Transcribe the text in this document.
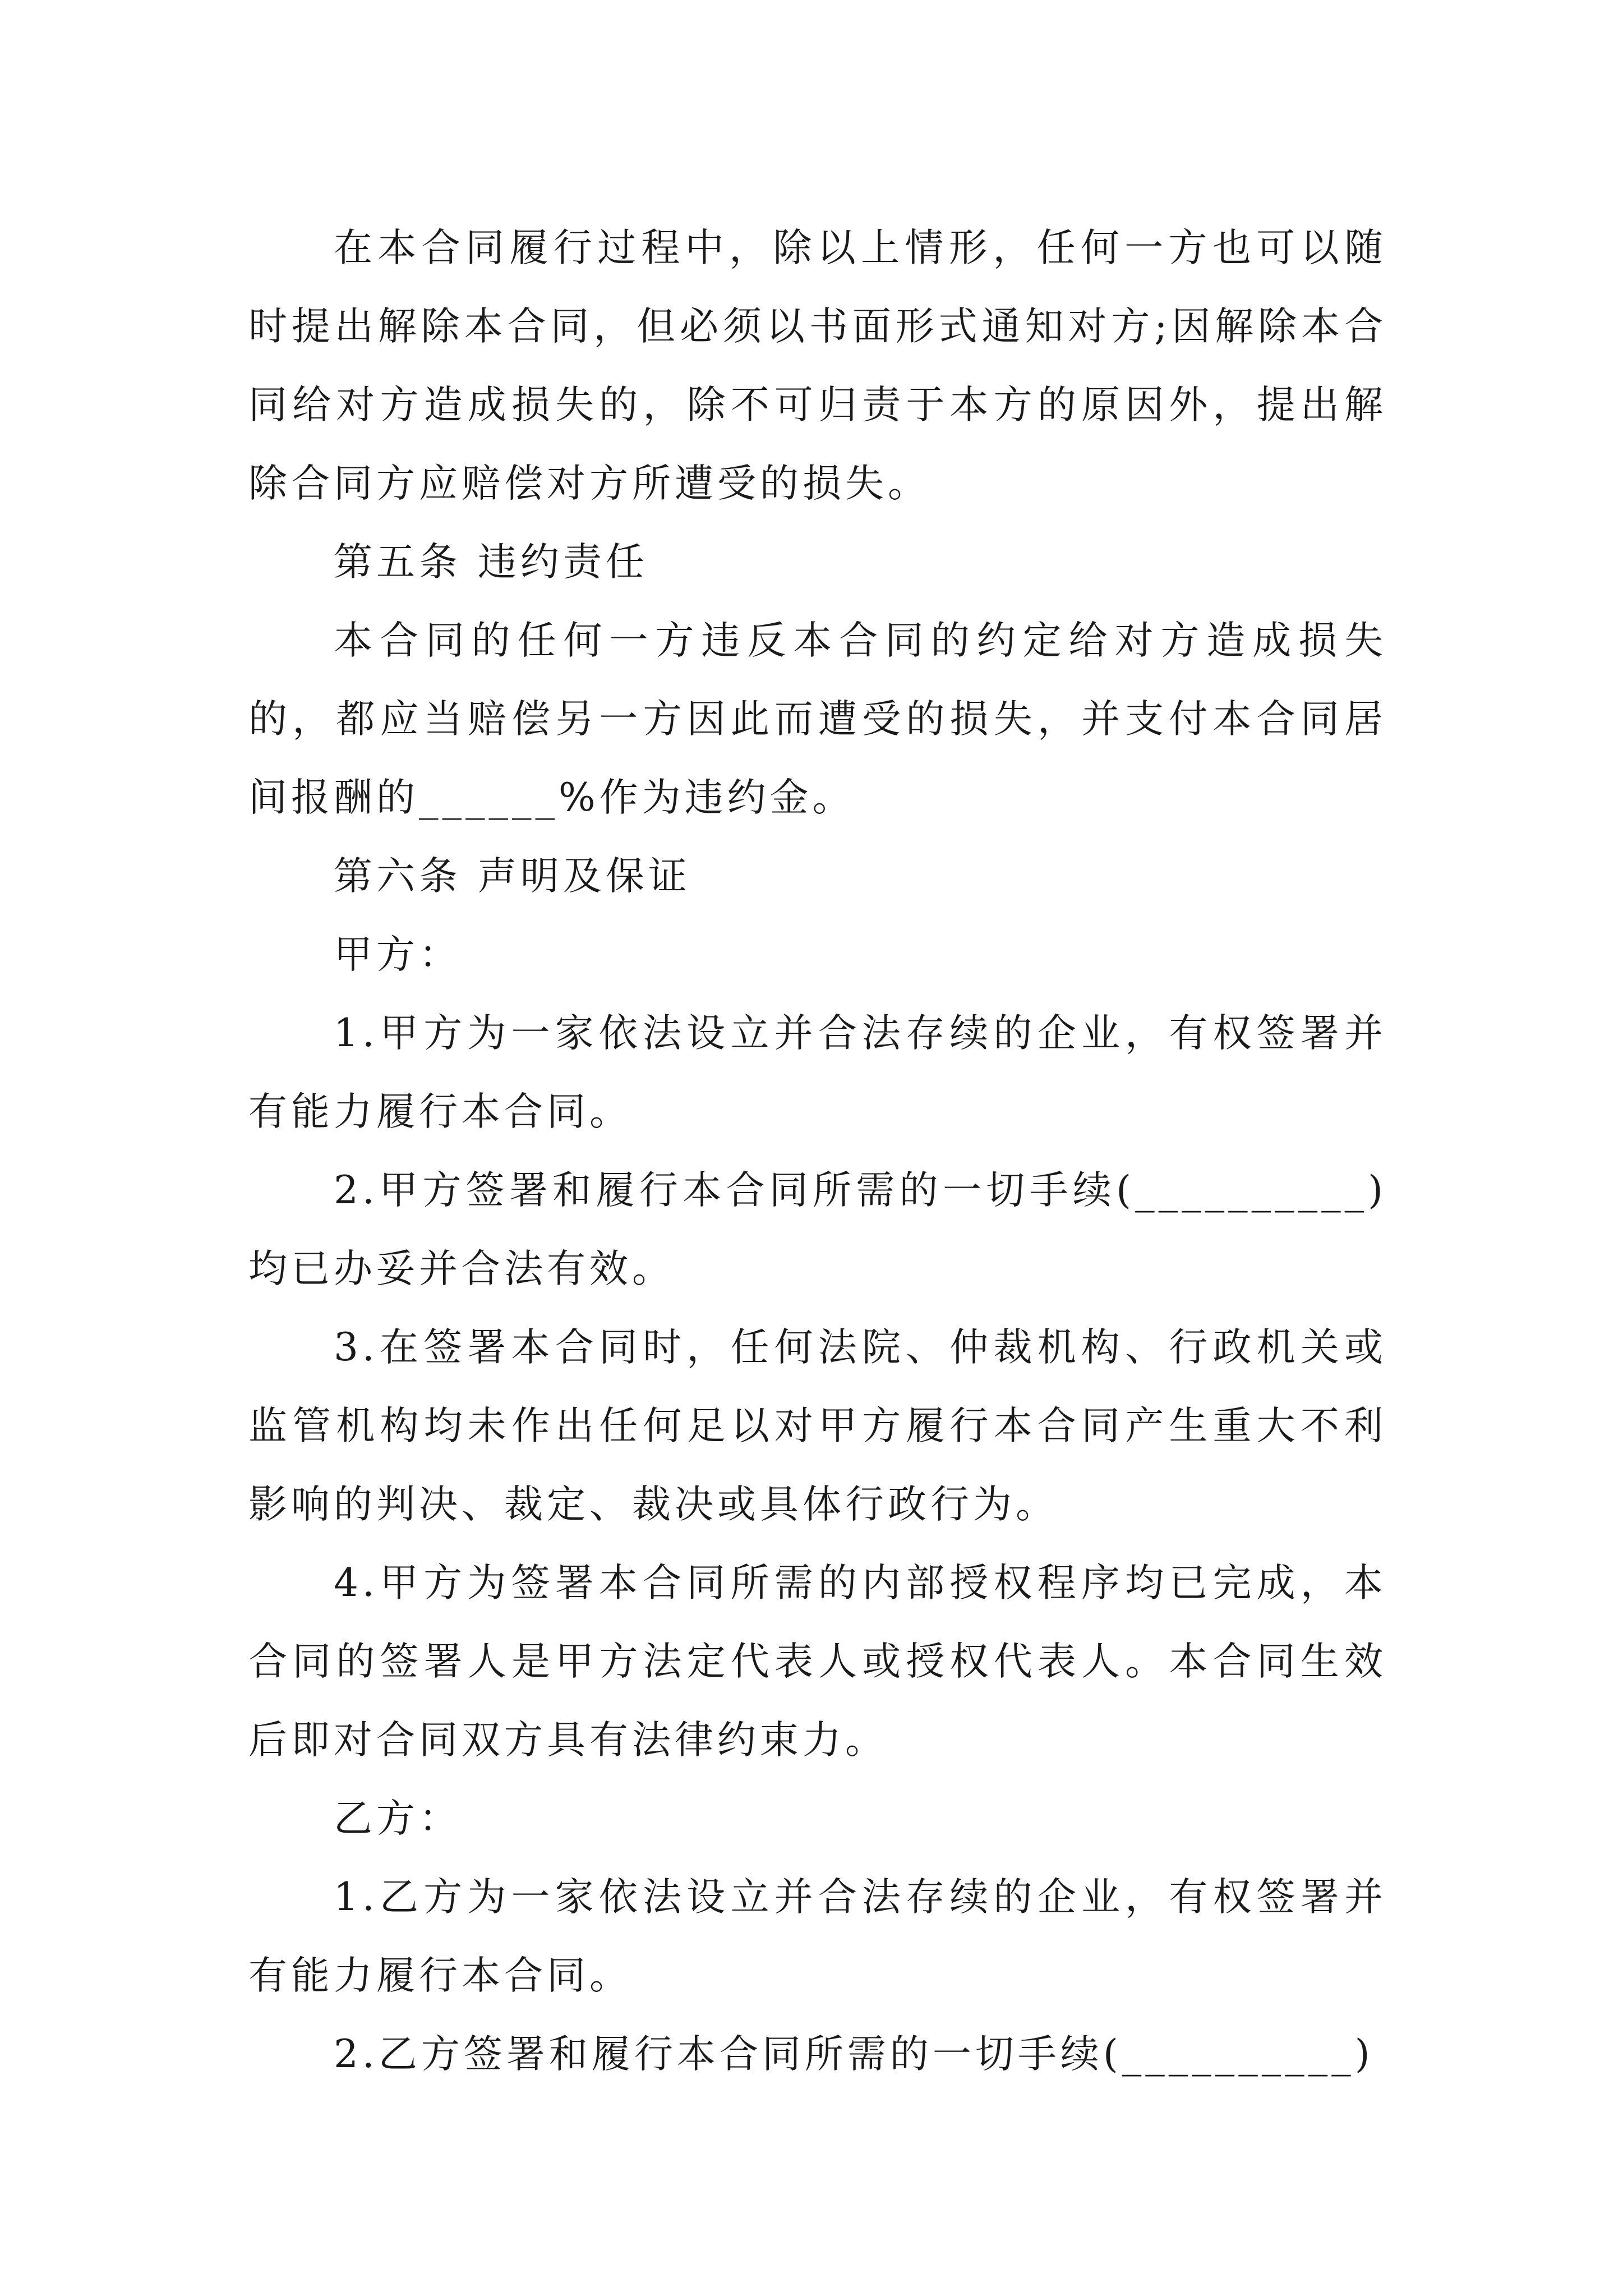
在本合同履行过程中，除以上情形，任何一方也可以随时提出解除本合同，但必须以书面形式通知对方;因解除本合同给对方造成损失的，除不可归责于本方的原因外，提出解除合同方应赔偿对方所遭受的损失。

第五条 违约责任

本合同的任何一方违反本合同的约定给对方造成损失的，都应当赔偿另一方因此而遭受的损失，并支付本合同居间报酬的______%作为违约金。

第六条 声明及保证

甲方：

1.甲方为一家依法设立并合法存续的企业，有权签署并有能力履行本合同。

2.甲方签署和履行本合同所需的一切手续(__________)均已办妥并合法有效。

3.在签署本合同时，任何法院、仲裁机构、行政机关或监管机构均未作出任何足以对甲方履行本合同产生重大不利影响的判决、裁定、裁决或具体行政行为。

4.甲方为签署本合同所需的内部授权程序均已完成，本合同的签署人是甲方法定代表人或授权代表人。本合同生效后即对合同双方具有法律约束力。

乙方：

1.乙方为一家依法设立并合法存续的企业，有权签署并有能力履行本合同。

2.乙方签署和履行本合同所需的一切手续(__________)
